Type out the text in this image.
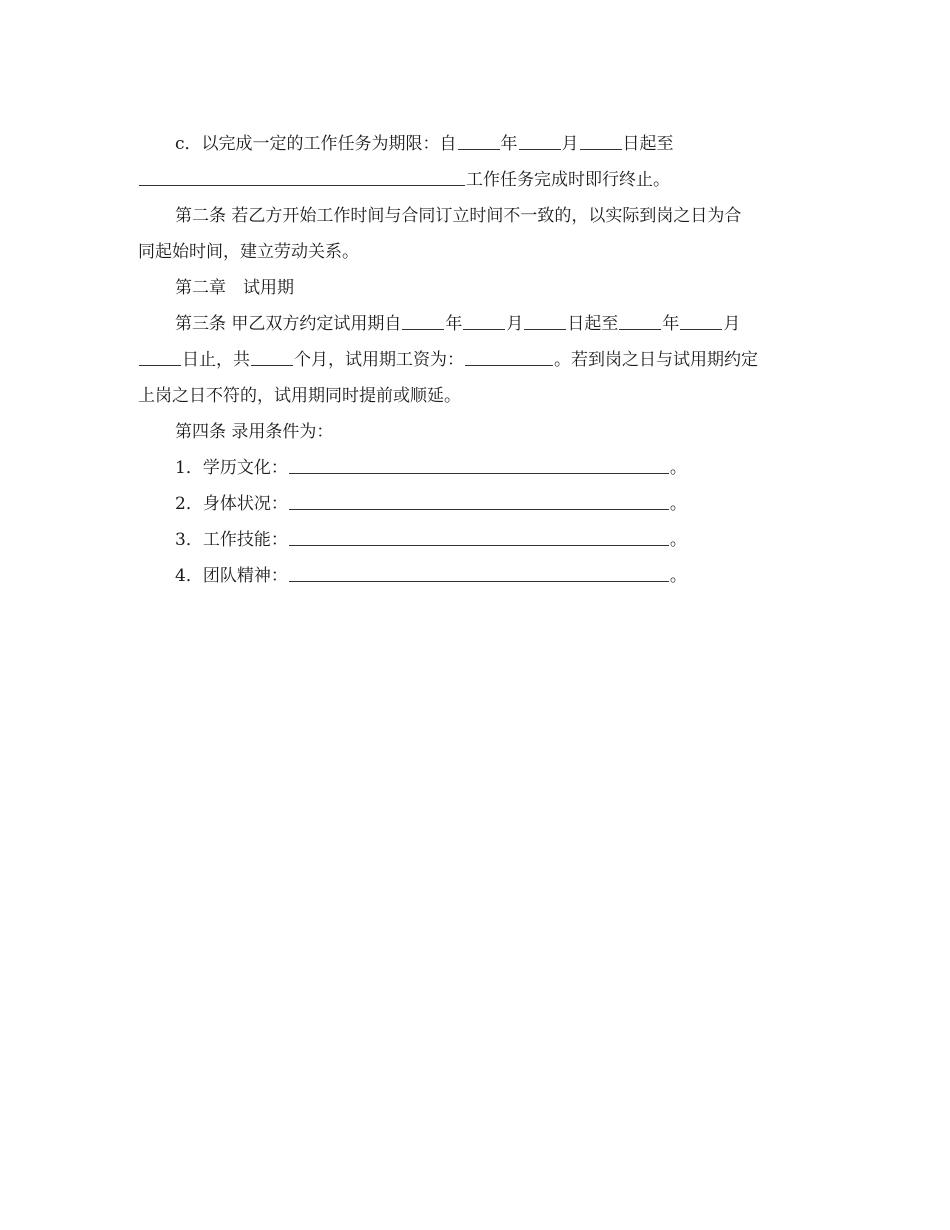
c．以完成一定的工作任务为期限：自	年	月	日起至
工作任务完成时即行终止。
第二条 若乙方开始工作时间与合同订立时间不一致的，以实际到岗之日为合
同起始时间，建立劳动关系。
第二章　试用期
第三条 甲乙双方约定试用期自	年	月	日起至	年	月
日止，共	个月，试用期工资为：	。若到岗之日与试用期约定
上岗之日不符的，试用期同时提前或顺延。
第四条 录用条件为：
1．学历文化：	。
2．身体状况：	。
3．工作技能：	。
4．团队精神：	。
